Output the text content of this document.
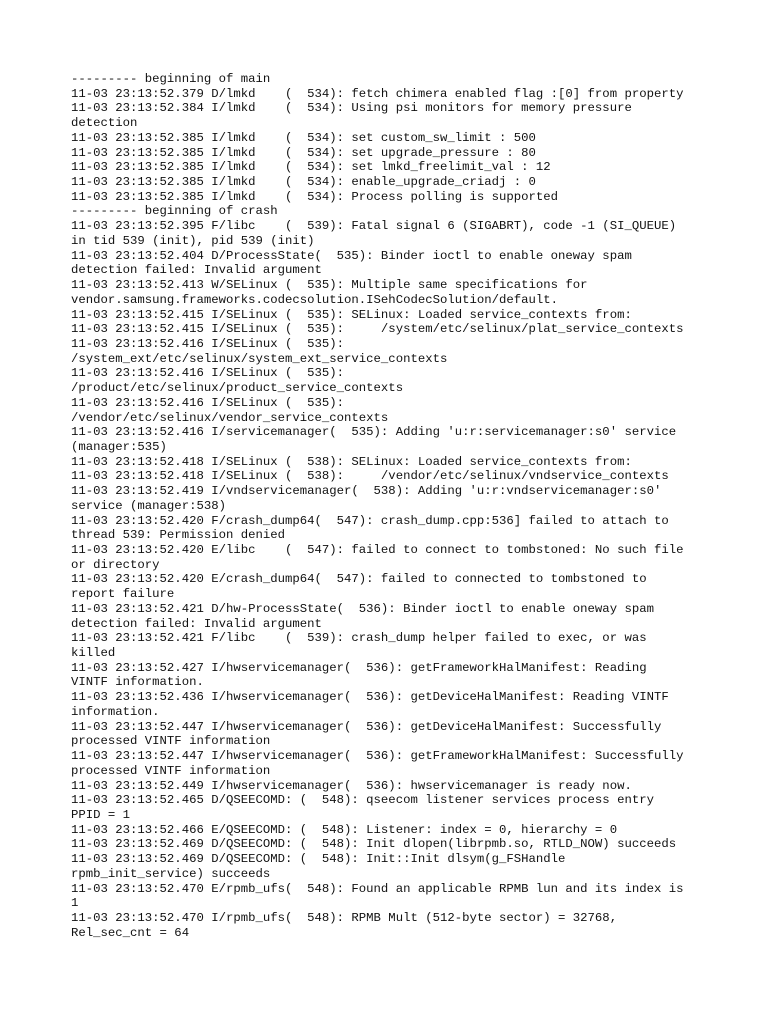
--------- beginning of main
11-03 23:13:52.379 D/lmkd    (  534): fetch chimera enabled flag :[0] from property
11-03 23:13:52.384 I/lmkd    (  534): Using psi monitors for memory pressure
detection
11-03 23:13:52.385 I/lmkd    (  534): set custom_sw_limit : 500
11-03 23:13:52.385 I/lmkd    (  534): set upgrade_pressure : 80
11-03 23:13:52.385 I/lmkd    (  534): set lmkd_freelimit_val : 12
11-03 23:13:52.385 I/lmkd    (  534): enable_upgrade_criadj : 0
11-03 23:13:52.385 I/lmkd    (  534): Process polling is supported
--------- beginning of crash
11-03 23:13:52.395 F/libc    (  539): Fatal signal 6 (SIGABRT), code -1 (SI_QUEUE)
in tid 539 (init), pid 539 (init)
11-03 23:13:52.404 D/ProcessState(  535): Binder ioctl to enable oneway spam
detection failed: Invalid argument
11-03 23:13:52.413 W/SELinux (  535): Multiple same specifications for
vendor.samsung.frameworks.codecsolution.ISehCodecSolution/default.
11-03 23:13:52.415 I/SELinux (  535): SELinux: Loaded service_contexts from:
11-03 23:13:52.415 I/SELinux (  535):     /system/etc/selinux/plat_service_contexts
11-03 23:13:52.416 I/SELinux (  535):
/system_ext/etc/selinux/system_ext_service_contexts
11-03 23:13:52.416 I/SELinux (  535):
/product/etc/selinux/product_service_contexts
11-03 23:13:52.416 I/SELinux (  535):
/vendor/etc/selinux/vendor_service_contexts
11-03 23:13:52.416 I/servicemanager(  535): Adding 'u:r:servicemanager:s0' service
(manager:535)
11-03 23:13:52.418 I/SELinux (  538): SELinux: Loaded service_contexts from:
11-03 23:13:52.418 I/SELinux (  538):     /vendor/etc/selinux/vndservice_contexts
11-03 23:13:52.419 I/vndservicemanager(  538): Adding 'u:r:vndservicemanager:s0'
service (manager:538)
11-03 23:13:52.420 F/crash_dump64(  547): crash_dump.cpp:536] failed to attach to
thread 539: Permission denied
11-03 23:13:52.420 E/libc    (  547): failed to connect to tombstoned: No such file
or directory
11-03 23:13:52.420 E/crash_dump64(  547): failed to connected to tombstoned to
report failure
11-03 23:13:52.421 D/hw-ProcessState(  536): Binder ioctl to enable oneway spam
detection failed: Invalid argument
11-03 23:13:52.421 F/libc    (  539): crash_dump helper failed to exec, or was
killed
11-03 23:13:52.427 I/hwservicemanager(  536): getFrameworkHalManifest: Reading
VINTF information.
11-03 23:13:52.436 I/hwservicemanager(  536): getDeviceHalManifest: Reading VINTF
information.
11-03 23:13:52.447 I/hwservicemanager(  536): getDeviceHalManifest: Successfully
processed VINTF information
11-03 23:13:52.447 I/hwservicemanager(  536): getFrameworkHalManifest: Successfully
processed VINTF information
11-03 23:13:52.449 I/hwservicemanager(  536): hwservicemanager is ready now.
11-03 23:13:52.465 D/QSEECOMD: (  548): qseecom listener services process entry
PPID = 1
11-03 23:13:52.466 E/QSEECOMD: (  548): Listener: index = 0, hierarchy = 0
11-03 23:13:52.469 D/QSEECOMD: (  548): Init dlopen(librpmb.so, RTLD_NOW) succeeds
11-03 23:13:52.469 D/QSEECOMD: (  548): Init::Init dlsym(g_FSHandle
rpmb_init_service) succeeds
11-03 23:13:52.470 E/rpmb_ufs(  548): Found an applicable RPMB lun and its index is
1
11-03 23:13:52.470 I/rpmb_ufs(  548): RPMB Mult (512-byte sector) = 32768,
Rel_sec_cnt = 64
